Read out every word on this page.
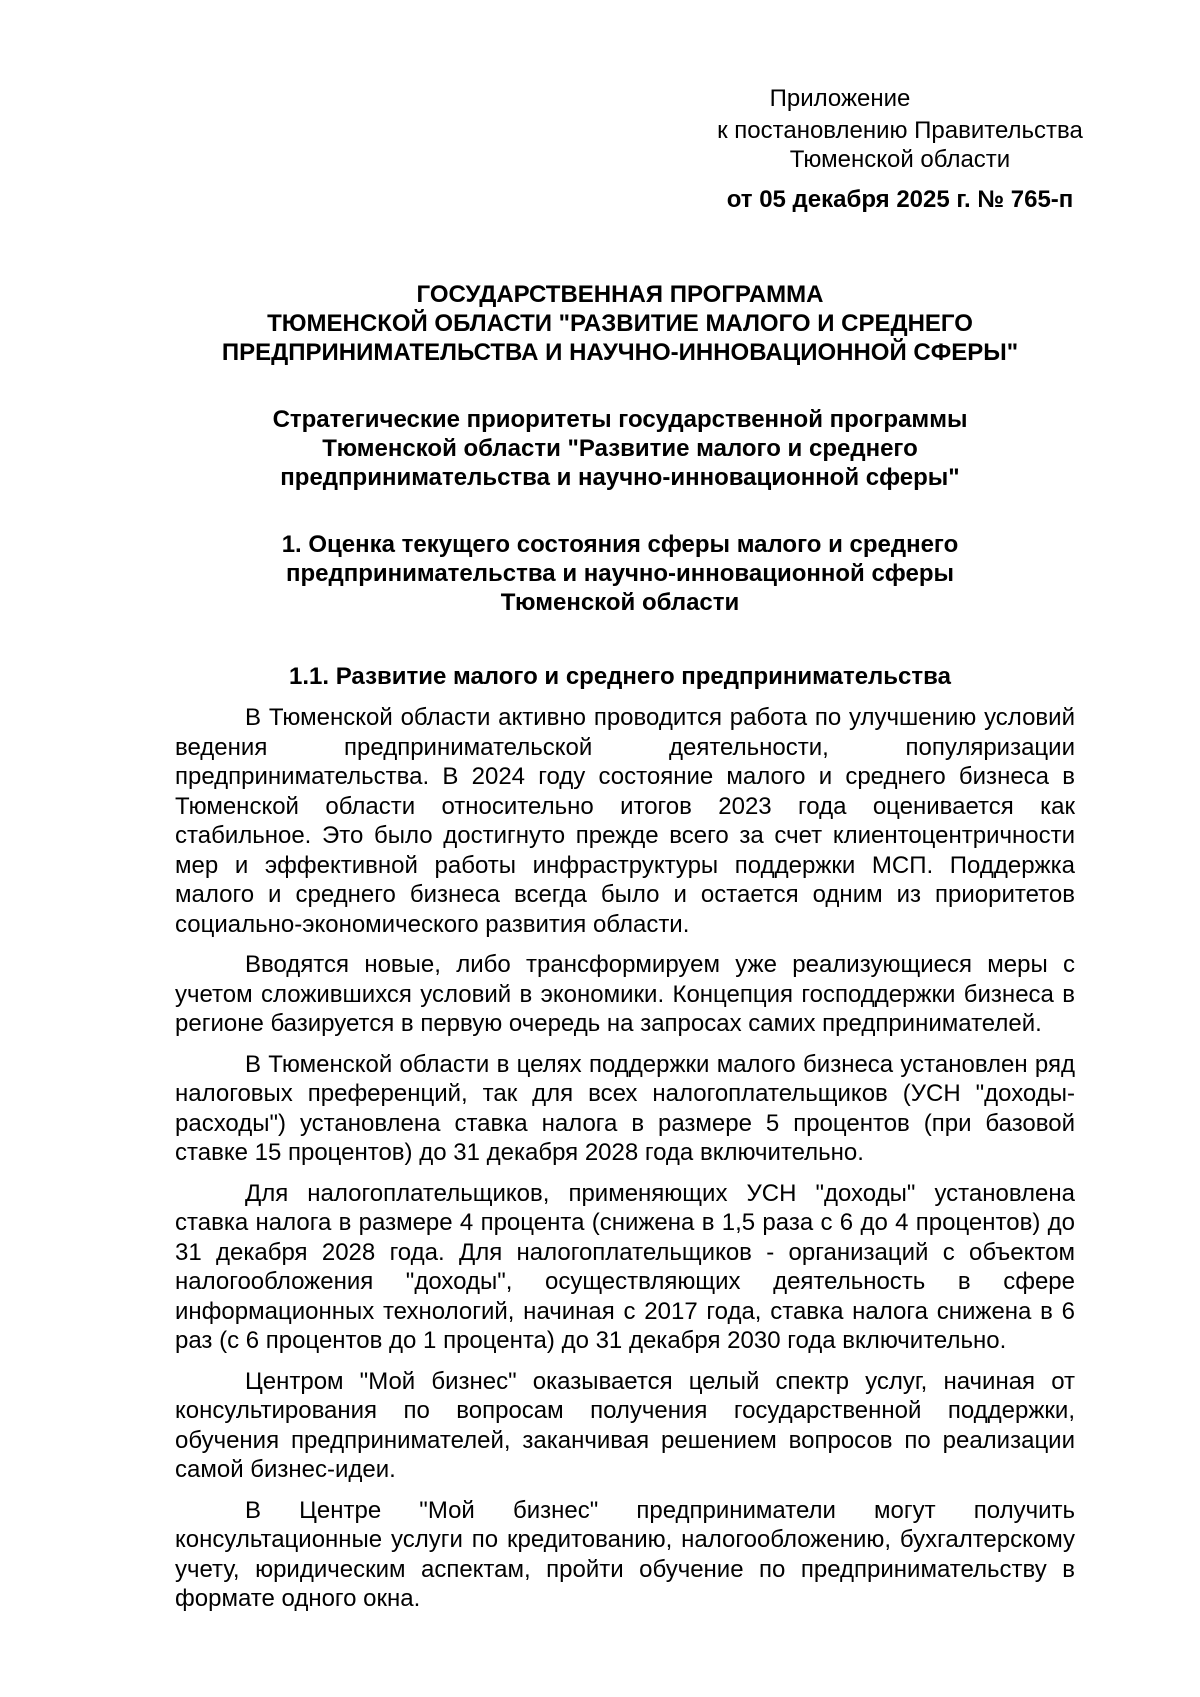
Приложение
к постановлению Правительства
Тюменской области
от 05 декабря 2025 г. № 765-п
ГОСУДАРСТВЕННАЯ ПРОГРАММА
ТЮМЕНСКОЙ ОБЛАСТИ "РАЗВИТИЕ МАЛОГО И СРЕДНЕГО
ПРЕДПРИНИМАТЕЛЬСТВА И НАУЧНО-ИННОВАЦИОННОЙ СФЕРЫ"
Стратегические приоритеты государственной программы
Тюменской области "Развитие малого и среднего
предпринимательства и научно-инновационной сферы"
1. Оценка текущего состояния сферы малого и среднего
предпринимательства и научно-инновационной сферы
Тюменской области
1.1. Развитие малого и среднего предпринимательства

В Тюменской области активно проводится работа по улучшению условий ведения предпринимательской деятельности, популяризации предпринимательства. В 2024 году состояние малого и среднего бизнеса в Тюменской области относительно итогов 2023 года оценивается как стабильное. Это было достигнуто прежде всего за счет клиентоцентричности мер и эффективной работы инфраструктуры поддержки МСП. Поддержка малого и среднего бизнеса всегда было и остается одним из приоритетов социально-экономического развития области.

Вводятся новые, либо трансформируем уже реализующиеся меры с учетом сложившихся условий в экономики. Концепция господдержки бизнеса в регионе базируется в первую очередь на запросах самих предпринимателей.

В Тюменской области в целях поддержки малого бизнеса установлен ряд налоговых преференций, так для всех налогоплательщиков (УСН "доходы-расходы") установлена ставка налога в размере 5 процентов (при базовой ставке 15 процентов) до 31 декабря 2028 года включительно.

Для налогоплательщиков, применяющих УСН "доходы" установлена ставка налога в размере 4 процента (снижена в 1,5 раза с 6 до 4 процентов) до 31 декабря 2028 года. Для налогоплательщиков - организаций с объектом налогообложения "доходы", осуществляющих деятельность в сфере информационных технологий, начиная с 2017 года, ставка налога снижена в 6 раз (с 6 процентов до 1 процента) до 31 декабря 2030 года включительно.

Центром "Мой бизнес" оказывается целый спектр услуг, начиная от консультирования по вопросам получения государственной поддержки, обучения предпринимателей, заканчивая решением вопросов по реализации самой бизнес-идеи.

В Центре "Мой бизнес" предприниматели могут получить консультационные услуги по кредитованию, налогообложению, бухгалтерскому учету, юридическим аспектам, пройти обучение по предпринимательству в формате одного окна.
